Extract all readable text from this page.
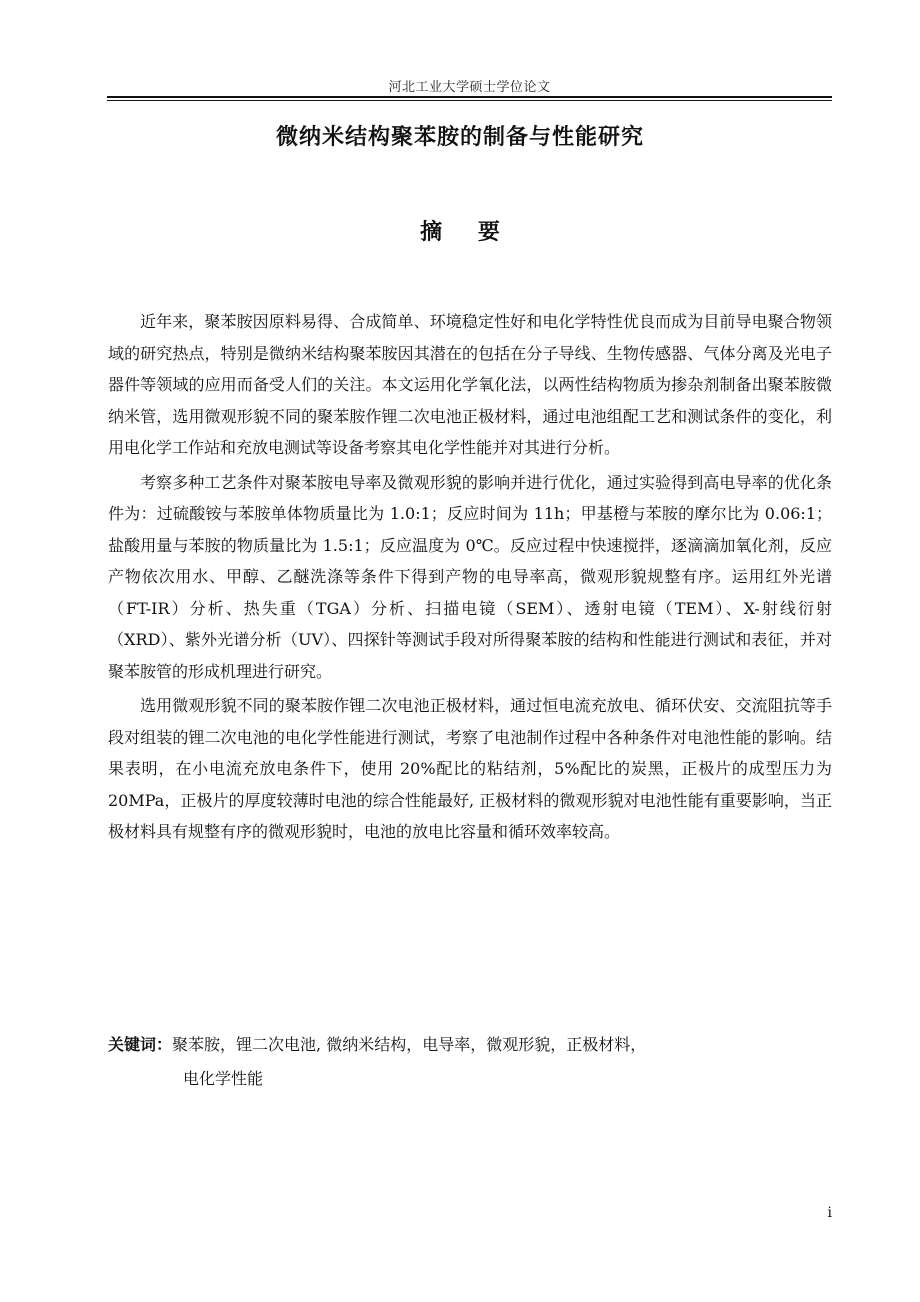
河北工业大学硕士学位论文
微纳米结构聚苯胺的制备与性能研究
摘 要

近年来，聚苯胺因原料易得、合成简单、环境稳定性好和电化学特性优良而成为目前导电聚合物领域的研究热点，特别是微纳米结构聚苯胺因其潜在的包括在分子导线、生物传感器、气体分离及光电子器件等领域的应用而备受人们的关注。本文运用化学氧化法，以两性结构物质为掺杂剂制备出聚苯胺微纳米管，选用微观形貌不同的聚苯胺作锂二次电池正极材料，通过电池组配工艺和测试条件的变化，利用电化学工作站和充放电测试等设备考察其电化学性能并对其进行分析。

考察多种工艺条件对聚苯胺电导率及微观形貌的影响并进行优化，通过实验得到高电导率的优化条件为：过硫酸铵与苯胺单体物质量比为 1.0:1；反应时间为 11h；甲基橙与苯胺的摩尔比为 0.06:1；盐酸用量与苯胺的物质量比为 1.5:1；反应温度为 0℃。反应过程中快速搅拌，逐滴滴加氧化剂，反应产物依次用水、甲醇、乙醚洗涤等条件下得到产物的电导率高，微观形貌规整有序。运用红外光谱（FT-IR）分析、热失重（TGA）分析、扫描电镜（SEM）、透射电镜（TEM）、X-射线衍射（XRD）、紫外光谱分析（UV）、四探针等测试手段对所得聚苯胺的结构和性能进行测试和表征，并对聚苯胺管的形成机理进行研究。

选用微观形貌不同的聚苯胺作锂二次电池正极材料，通过恒电流充放电、循环伏安、交流阻抗等手段对组装的锂二次电池的电化学性能进行测试，考察了电池制作过程中各种条件对电池性能的影响。结果表明，在小电流充放电条件下，使用 20%配比的粘结剂，5%配比的炭黑，正极片的成型压力为 20MPa，正极片的厚度较薄时电池的综合性能最好, 正极材料的微观形貌对电池性能有重要影响，当正极材料具有规整有序的微观形貌时，电池的放电比容量和循环效率较高。

关键词：聚苯胺，锂二次电池, 微纳米结构，电导率，微观形貌，正极材料，
电化学性能
i
